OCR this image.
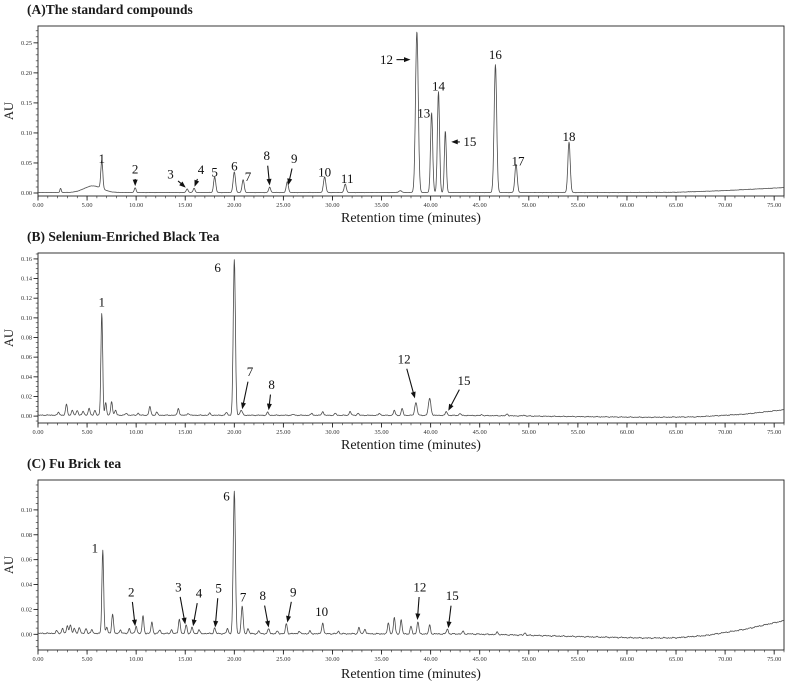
(A)The standard compounds
AU
Retention time (minutes)
0.00	5.00	10.00	15.00	20.00	25.00	30.00	35.00	40.00	45.00	50.00	55.00	60.00	65.00	70.00	75.00
0.00
0.05
0.10
0.15
0.20
0.25
1
2 3 4 5 6
7
8 9
10 11
12
13
14
15
16
17
18
(B) Selenium-Enriched Black Tea
AU
Retention time (minutes)
0.00	5.00	10.00	15.00	20.00	25.00	30.00	35.00	40.00	45.00	50.00	55.00	60.00	65.00	70.00	75.00
0.00
0.02
0.04
0.06
0.08
0.10
0.12
0.14
0.16
1
6
7
8
12
15
(C) Fu Brick tea
AU
Retention time (minutes)
0.00	5.00	10.00	15.00	20.00	25.00	30.00	35.00	40.00	45.00	50.00	55.00	60.00	65.00	70.00	75.00
0.00
0.02
0.04
0.06
0.08
0.10
1
2	3 4 5
6
7 8 9
10
12
15
